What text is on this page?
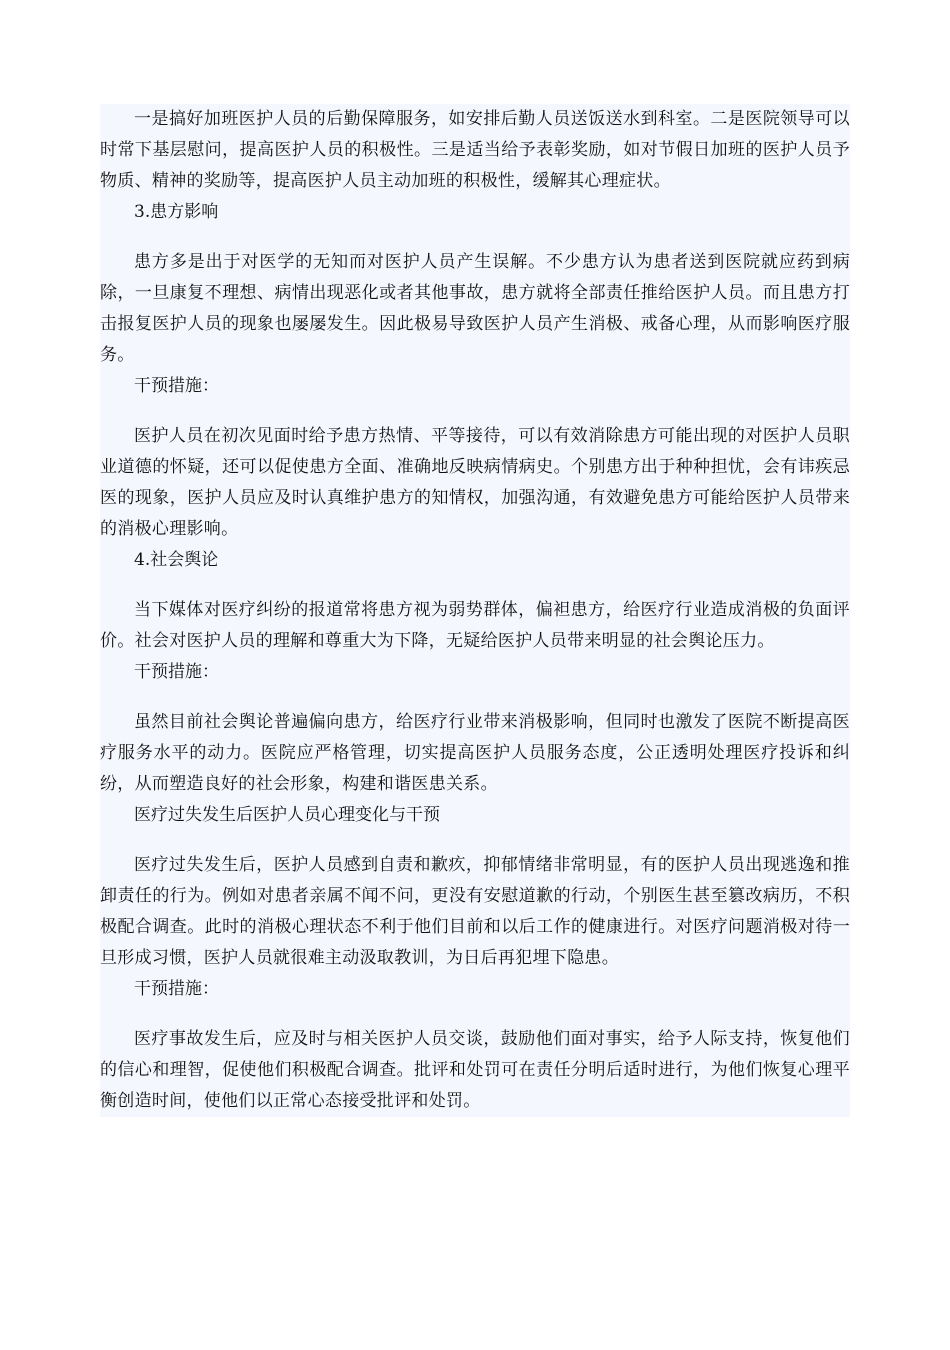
一是搞好加班医护人员的后勤保障服务，如安排后勤人员送饭送水到科室。二是医院领导可以时常下基层慰问，提高医护人员的积极性。三是适当给予表彰奖励，如对节假日加班的医护人员予物质、精神的奖励等，提高医护人员主动加班的积极性，缓解其心理症状。

3.患方影响

患方多是出于对医学的无知而对医护人员产生误解。不少患方认为患者送到医院就应药到病除，一旦康复不理想、病情出现恶化或者其他事故，患方就将全部责任推给医护人员。而且患方打击报复医护人员的现象也屡屡发生。因此极易导致医护人员产生消极、戒备心理，从而影响医疗服务。

干预措施：

医护人员在初次见面时给予患方热情、平等接待，可以有效消除患方可能出现的对医护人员职业道德的怀疑，还可以促使患方全面、准确地反映病情病史。个别患方出于种种担忧，会有讳疾忌医的现象，医护人员应及时认真维护患方的知情权，加强沟通，有效避免患方可能给医护人员带来的消极心理影响。

4.社会舆论

当下媒体对医疗纠纷的报道常将患方视为弱势群体，偏袒患方，给医疗行业造成消极的负面评价。社会对医护人员的理解和尊重大为下降，无疑给医护人员带来明显的社会舆论压力。

干预措施：

虽然目前社会舆论普遍偏向患方，给医疗行业带来消极影响，但同时也激发了医院不断提高医疗服务水平的动力。医院应严格管理，切实提高医护人员服务态度，公正透明处理医疗投诉和纠纷，从而塑造良好的社会形象，构建和谐医患关系。

医疗过失发生后医护人员心理变化与干预

医疗过失发生后，医护人员感到自责和歉疚，抑郁情绪非常明显，有的医护人员出现逃逸和推卸责任的行为。例如对患者亲属不闻不问，更没有安慰道歉的行动，个别医生甚至篡改病历，不积极配合调查。此时的消极心理状态不利于他们目前和以后工作的健康进行。对医疗问题消极对待一旦形成习惯，医护人员就很难主动汲取教训，为日后再犯埋下隐患。

干预措施：

医疗事故发生后，应及时与相关医护人员交谈，鼓励他们面对事实，给予人际支持，恢复他们的信心和理智，促使他们积极配合调查。批评和处罚可在责任分明后适时进行，为他们恢复心理平衡创造时间，使他们以正常心态接受批评和处罚。
